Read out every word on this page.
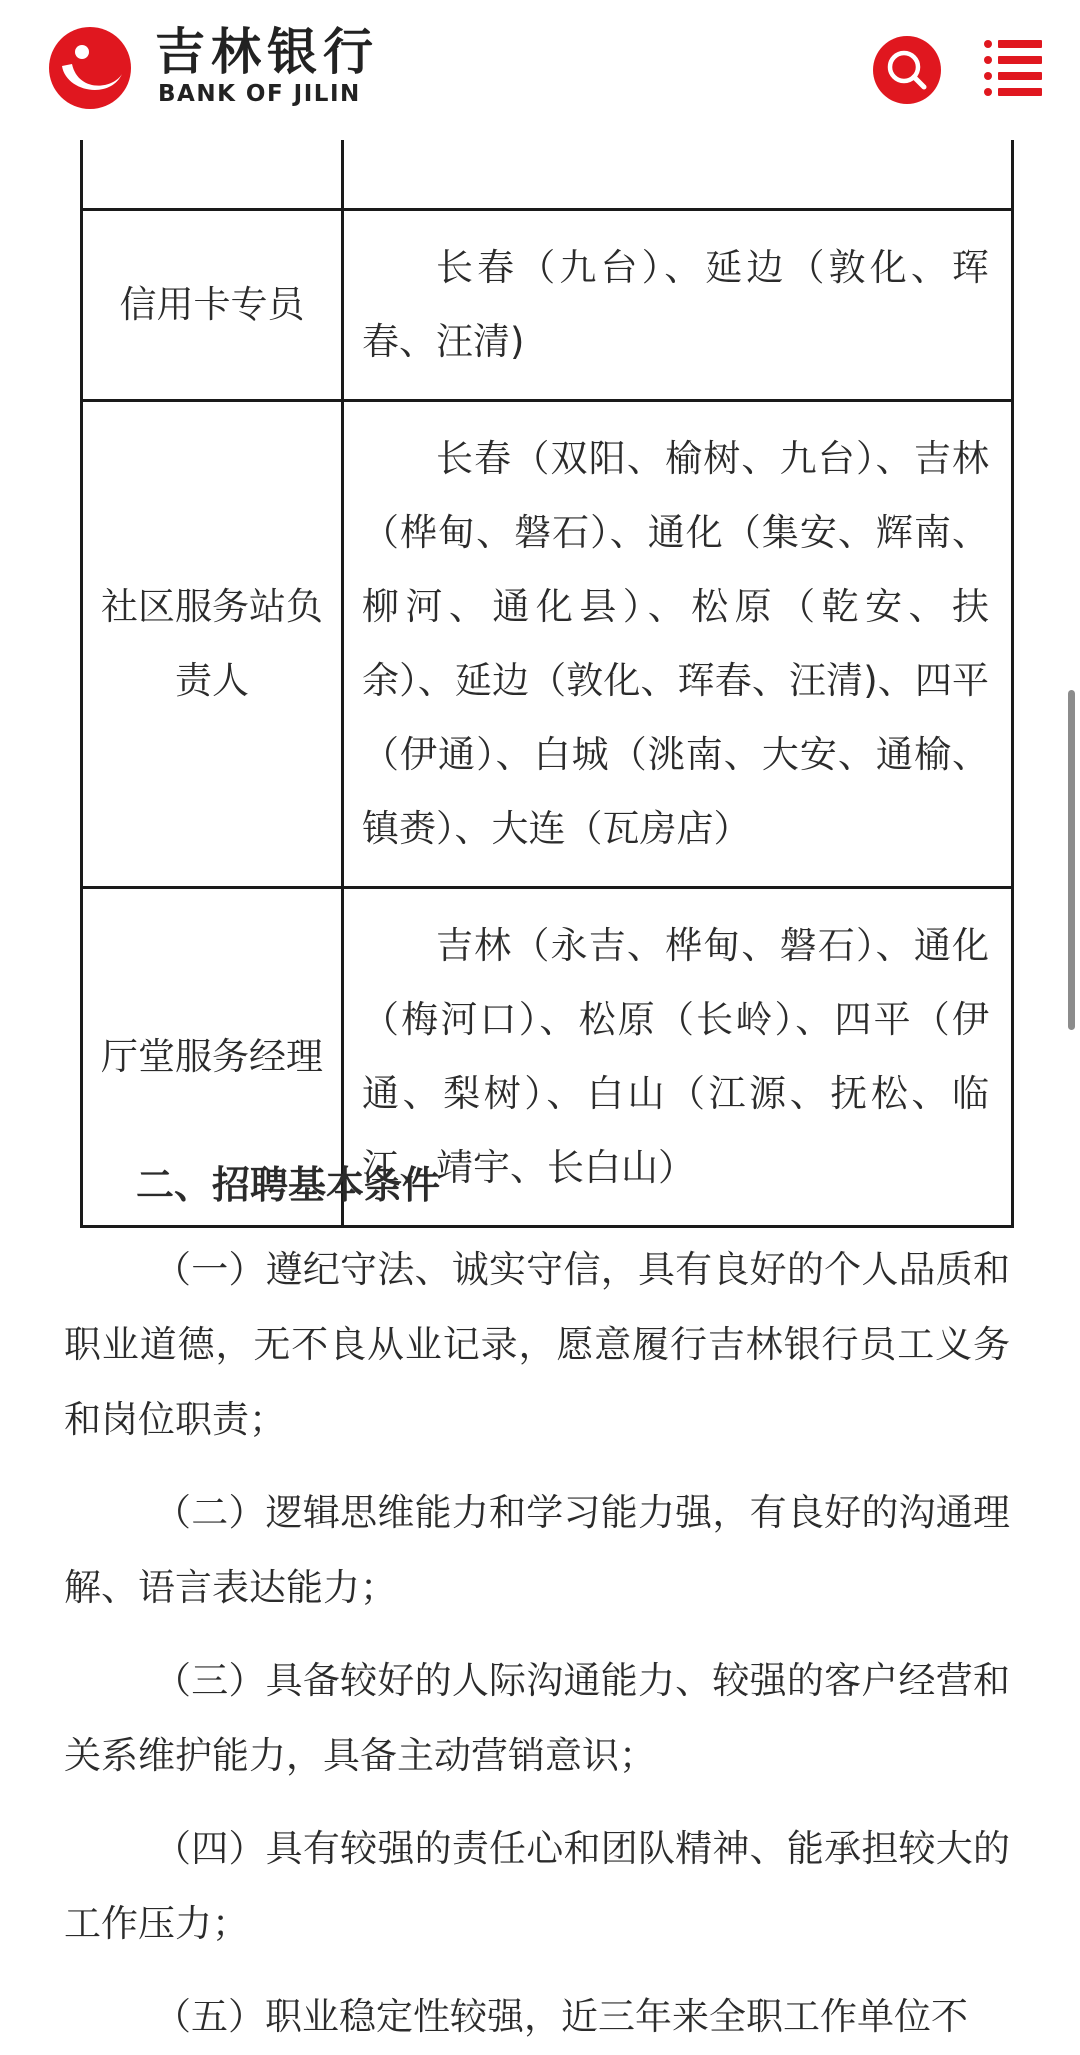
吉林银行
BANK OF JILIN

信用卡专员	长春（九台）、延边（敦化、珲春、汪清)
社区服务站负责人	长春（双阳、榆树、九台）、吉林（桦甸、磐石）、通化（集安、辉南、柳河、通化县）、松原（乾安、扶余）、延边（敦化、珲春、汪清)、四平（伊通）、白城（洮南、大安、通榆、镇赉）、大连（瓦房店）
厅堂服务经理	吉林（永吉、桦甸、磐石）、通化（梅河口）、松原（长岭）、四平（伊通、梨树）、白山（江源、抚松、临江、靖宇、长白山）
二、招聘基本条件

（一）遵纪守法、诚实守信，具有良好的个人品质和职业道德，无不良从业记录，愿意履行吉林银行员工义务和岗位职责；

（二）逻辑思维能力和学习能力强，有良好的沟通理解、语言表达能力；

（三）具备较好的人际沟通能力、较强的客户经营和关系维护能力，具备主动营销意识；

（四）具有较强的责任心和团队精神、能承担较大的工作压力；

（五）职业稳定性较强，近三年来全职工作单位不
